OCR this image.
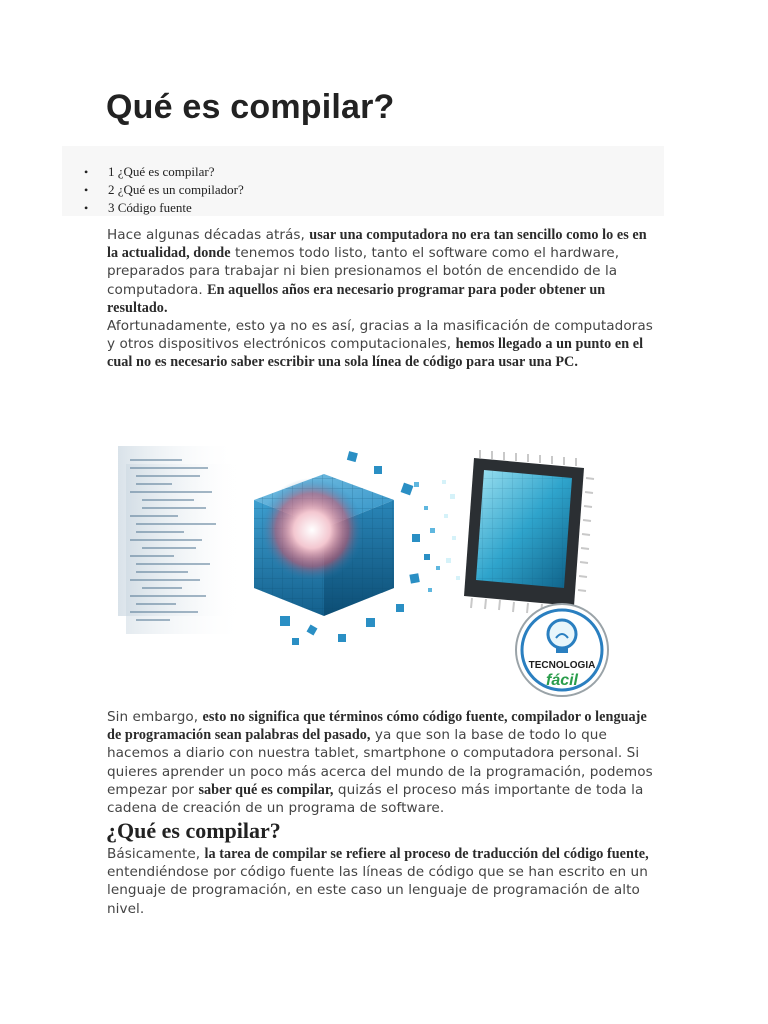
Qué es compilar?
• 1 ¿Qué es compilar?
• 2 ¿Qué es un compilador?
• 3 Código fuente

Hace algunas décadas atrás, usar una computadora no era tan sencillo como lo es en la actualidad, donde tenemos todo listo, tanto el software como el hardware, preparados para trabajar ni bien presionamos el botón de encendido de la computadora. En aquellos años era necesario programar para poder obtener un resultado.

Afortunadamente, esto ya no es así, gracias a la masificación de computadoras y otros dispositivos electrónicos computacionales, hemos llegado a un punto en el cual no es necesario saber escribir una sola línea de código para usar una PC.

TECNOLOGIA
fácil

Sin embargo, esto no significa que términos cómo código fuente, compilador o lenguaje de programación sean palabras del pasado, ya que son la base de todo lo que hacemos a diario con nuestra tablet, smartphone o computadora personal. Si quieres aprender un poco más acerca del mundo de la programación, podemos empezar por saber qué es compilar, quizás el proceso más importante de toda la cadena de creación de un programa de software.

¿Qué es compilar?

Básicamente, la tarea de compilar se refiere al proceso de traducción del código fuente, entendiéndose por código fuente las líneas de código que se han escrito en un lenguaje de programación, en este caso un lenguaje de programación de alto nivel.
